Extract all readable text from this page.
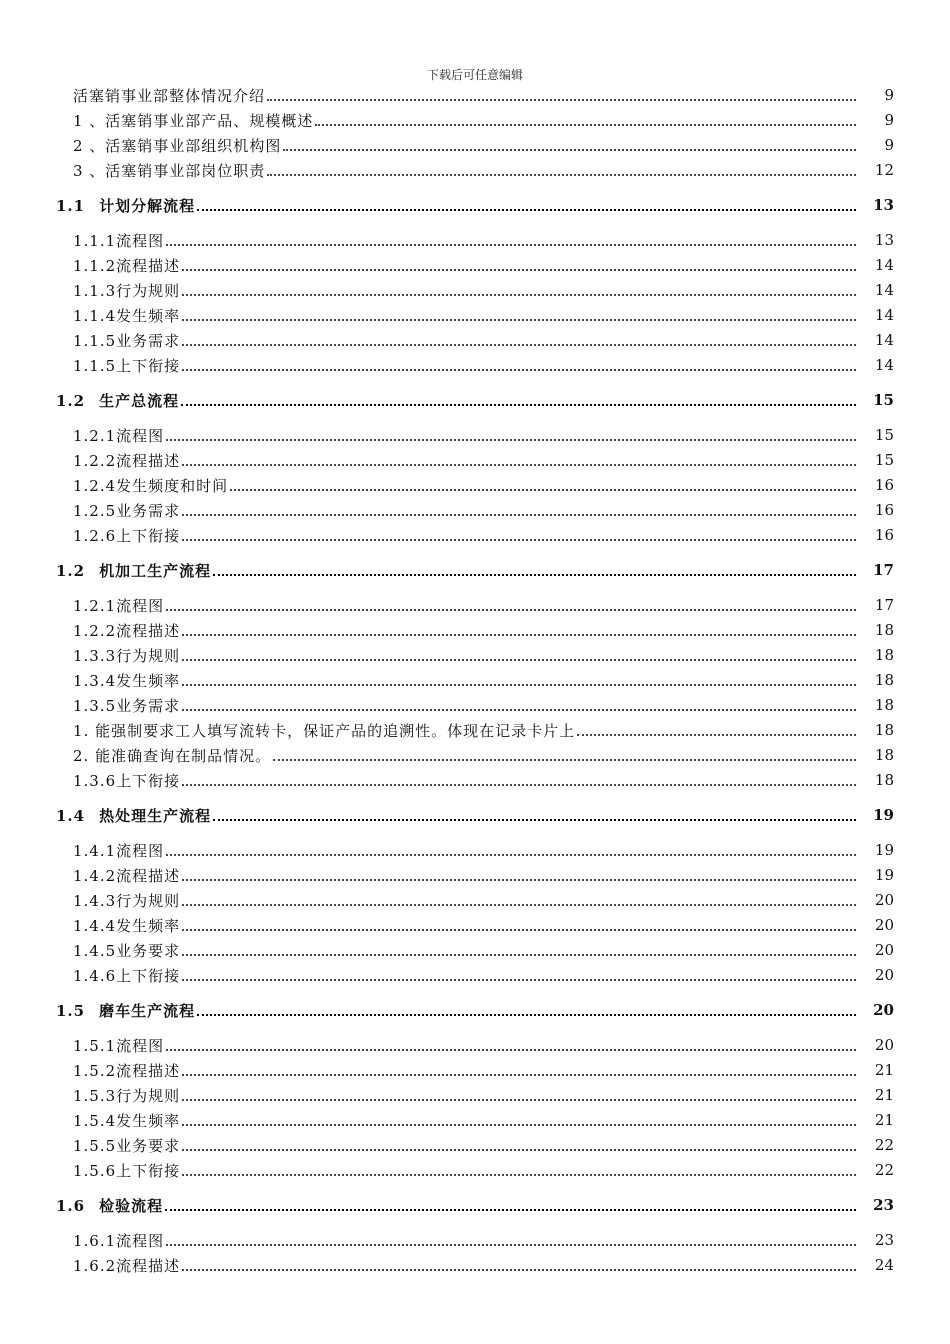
下载后可任意编辑
活塞销事业部整体情况介绍	9
1 、活塞销事业部产品、规模概述	9
2 、活塞销事业部组织机构图	9
3 、活塞销事业部岗位职责	12
1.1 计划分解流程	13
1.1.1流程图	13
1.1.2流程描述	14
1.1.3行为规则	14
1.1.4发生频率	14
1.1.5业务需求	14
1.1.5上下衔接	14
1.2 生产总流程	15
1.2.1流程图	15
1.2.2流程描述	15
1.2.4发生频度和时间	16
1.2.5业务需求	16
1.2.6上下衔接	16
1.2 机加工生产流程	17
1.2.1流程图	17
1.2.2流程描述	18
1.3.3行为规则	18
1.3.4发生频率	18
1.3.5业务需求	18
1. 能强制要求工人填写流转卡，保证产品的追溯性。体现在记录卡片上	18
2. 能准确查询在制品情况。	18
1.3.6上下衔接	18
1.4 热处理生产流程	19
1.4.1流程图	19
1.4.2流程描述	19
1.4.3行为规则	20
1.4.4发生频率	20
1.4.5业务要求	20
1.4.6上下衔接	20
1.5 磨车生产流程	20
1.5.1流程图	20
1.5.2流程描述	21
1.5.3行为规则	21
1.5.4发生频率	21
1.5.5业务要求	22
1.5.6上下衔接	22
1.6 检验流程	23
1.6.1流程图	23
1.6.2流程描述	24
